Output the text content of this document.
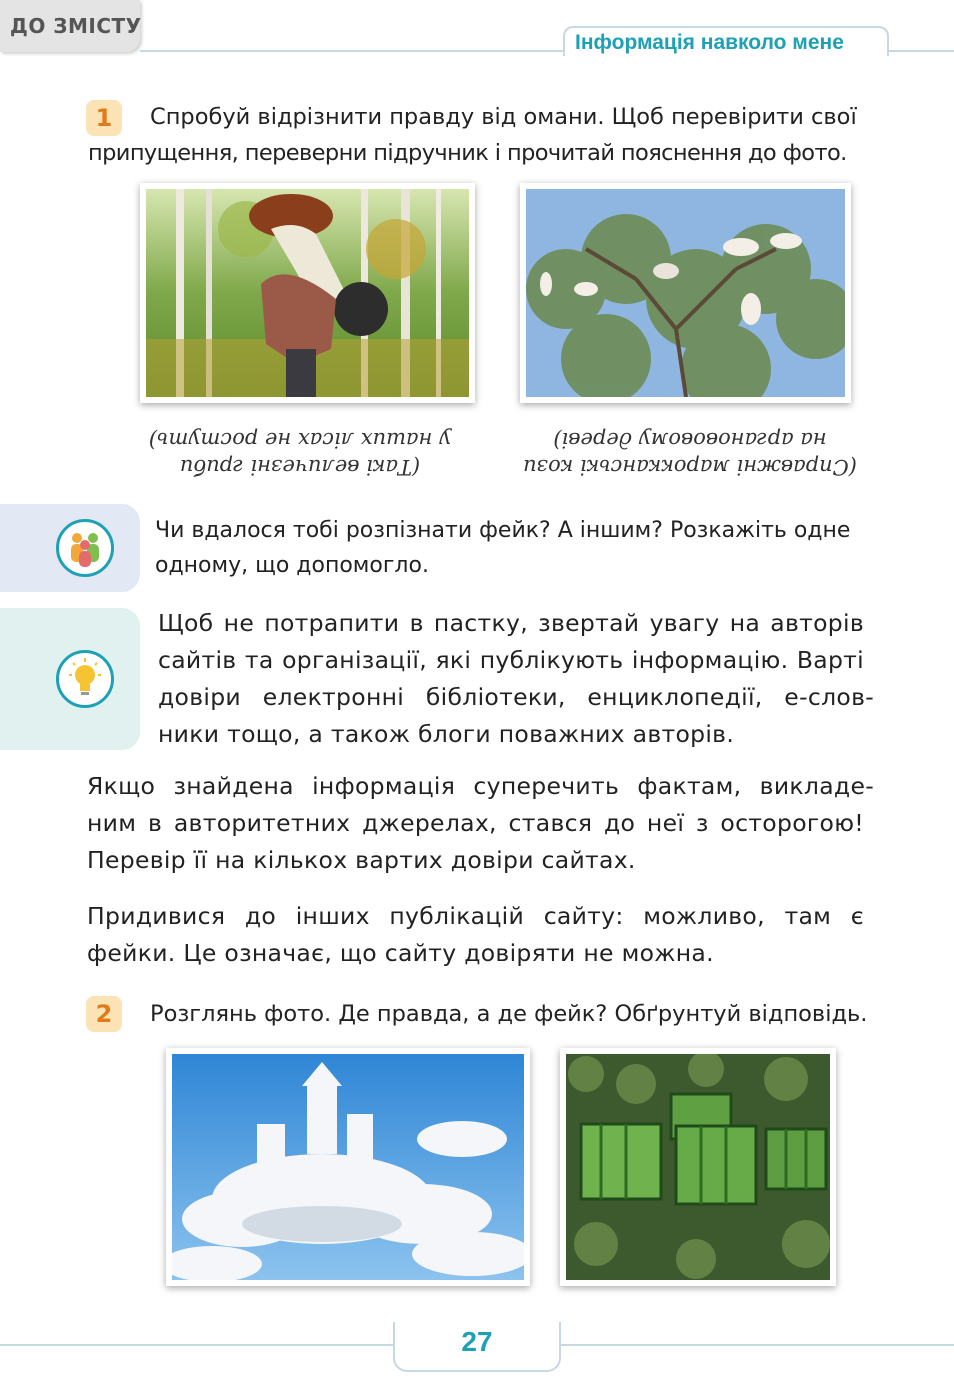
ДО ЗМІСТУ
Інформація навколо мене
1	Спробуй відрізнити правду від омани. Щоб перевірити свої
припущення, переверни підручник і прочитай пояснення до фото.
(Такі величезні гриби
у наших лісах не ростуть)
(Справжні марокканські кози
на арганововому дереві)
Чи вдалося тобі розпізнати фейк? А іншим? Розкажіть одне
одному, що допомогло.
Щоб не потрапити в пастку, звертай увагу на авторів
сайтів та організації, які публікують інформацію. Варті
довіри електронні бібліотеки, енциклопедії, е-слов-
ники тощо, а також блоги поважних авторів.
Якщо знайдена інформація суперечить фактам, викладе-
ним в авторитетних джерелах, стався до неї з осторогою!
Перевір її на кількох вартих довіри сайтах.
Придивися до інших публікацій сайту: можливо, там є
фейки. Це означає, що сайту довіряти не можна.
2	Розглянь фото. Де правда, а де фейк? Обґрунтуй відповідь.
27
